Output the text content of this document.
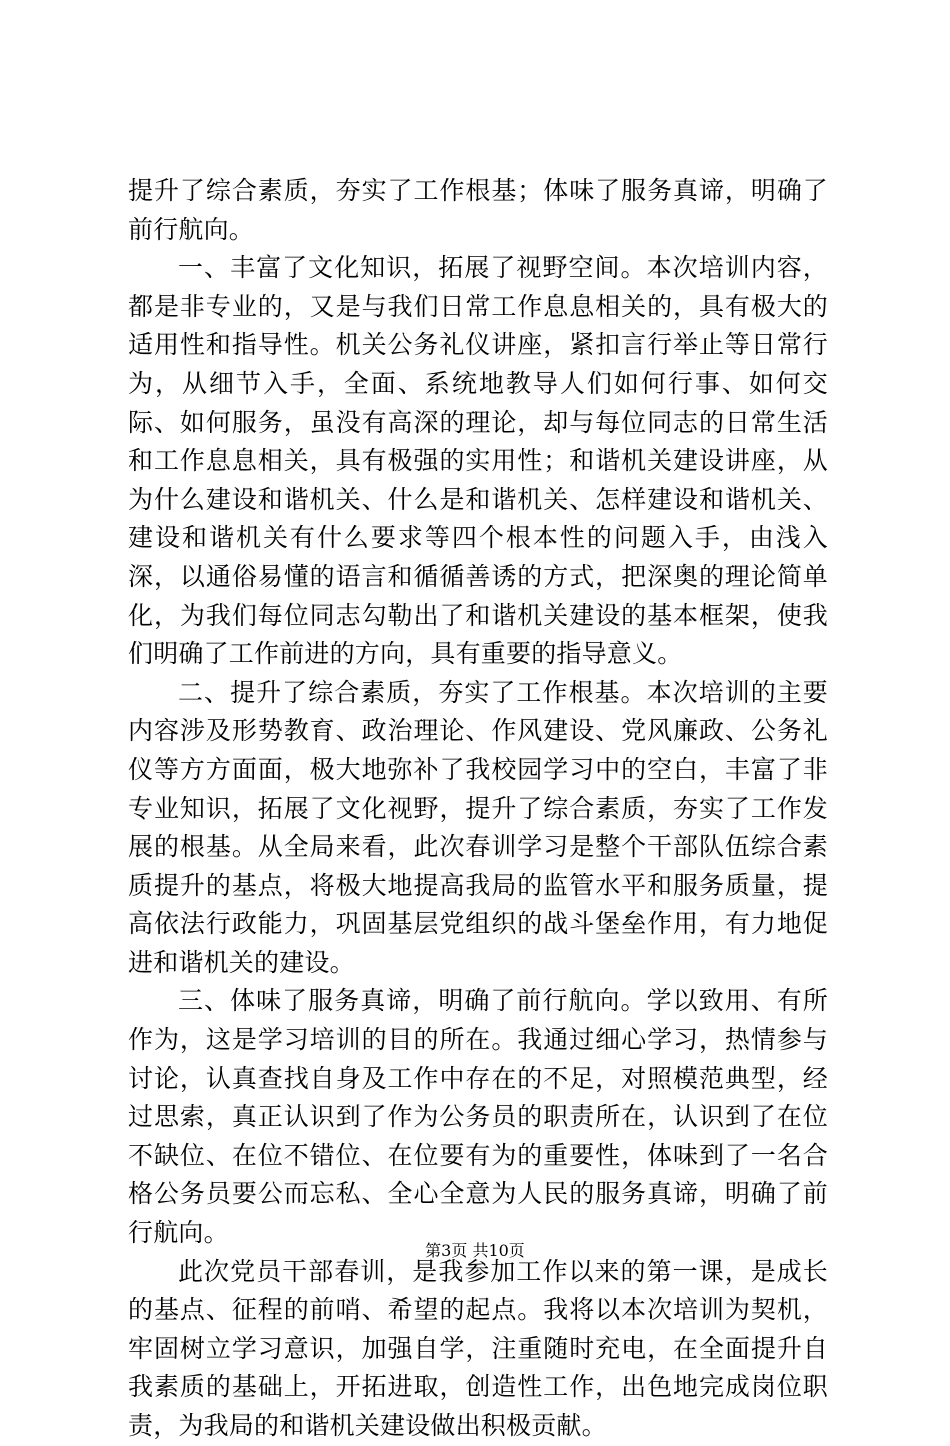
提升了综合素质，夯实了工作根基；体味了服务真谛，明确了前行航向。

一、丰富了文化知识，拓展了视野空间。本次培训内容，都是非专业的，又是与我们日常工作息息相关的，具有极大的适用性和指导性。机关公务礼仪讲座，紧扣言行举止等日常行为，从细节入手，全面、系统地教导人们如何行事、如何交际、如何服务，虽没有高深的理论，却与每位同志的日常生活和工作息息相关，具有极强的实用性；和谐机关建设讲座，从为什么建设和谐机关、什么是和谐机关、怎样建设和谐机关、建设和谐机关有什么要求等四个根本性的问题入手，由浅入深，以通俗易懂的语言和循循善诱的方式，把深奥的理论简单化，为我们每位同志勾勒出了和谐机关建设的基本框架，使我们明确了工作前进的方向，具有重要的指导意义。

二、提升了综合素质，夯实了工作根基。本次培训的主要内容涉及形势教育、政治理论、作风建设、党风廉政、公务礼仪等方方面面，极大地弥补了我校园学习中的空白，丰富了非专业知识，拓展了文化视野，提升了综合素质，夯实了工作发展的根基。从全局来看，此次春训学习是整个干部队伍综合素质提升的基点，将极大地提高我局的监管水平和服务质量，提高依法行政能力，巩固基层党组织的战斗堡垒作用，有力地促进和谐机关的建设。

三、体味了服务真谛，明确了前行航向。学以致用、有所作为，这是学习培训的目的所在。我通过细心学习，热情参与讨论，认真查找自身及工作中存在的不足，对照模范典型，经过思索，真正认识到了作为公务员的职责所在，认识到了在位不缺位、在位不错位、在位要有为的重要性，体味到了一名合格公务员要公而忘私、全心全意为人民的服务真谛，明确了前行航向。

此次党员干部春训，是我参加工作以来的第一课，是成长的基点、征程的前哨、希望的起点。我将以本次培训为契机，牢固树立学习意识，加强自学，注重随时充电，在全面提升自我素质的基础上，开拓进取，创造性工作，出色地完成岗位职责，为我局的和谐机关建设做出积极贡献。

第3页 共10页
